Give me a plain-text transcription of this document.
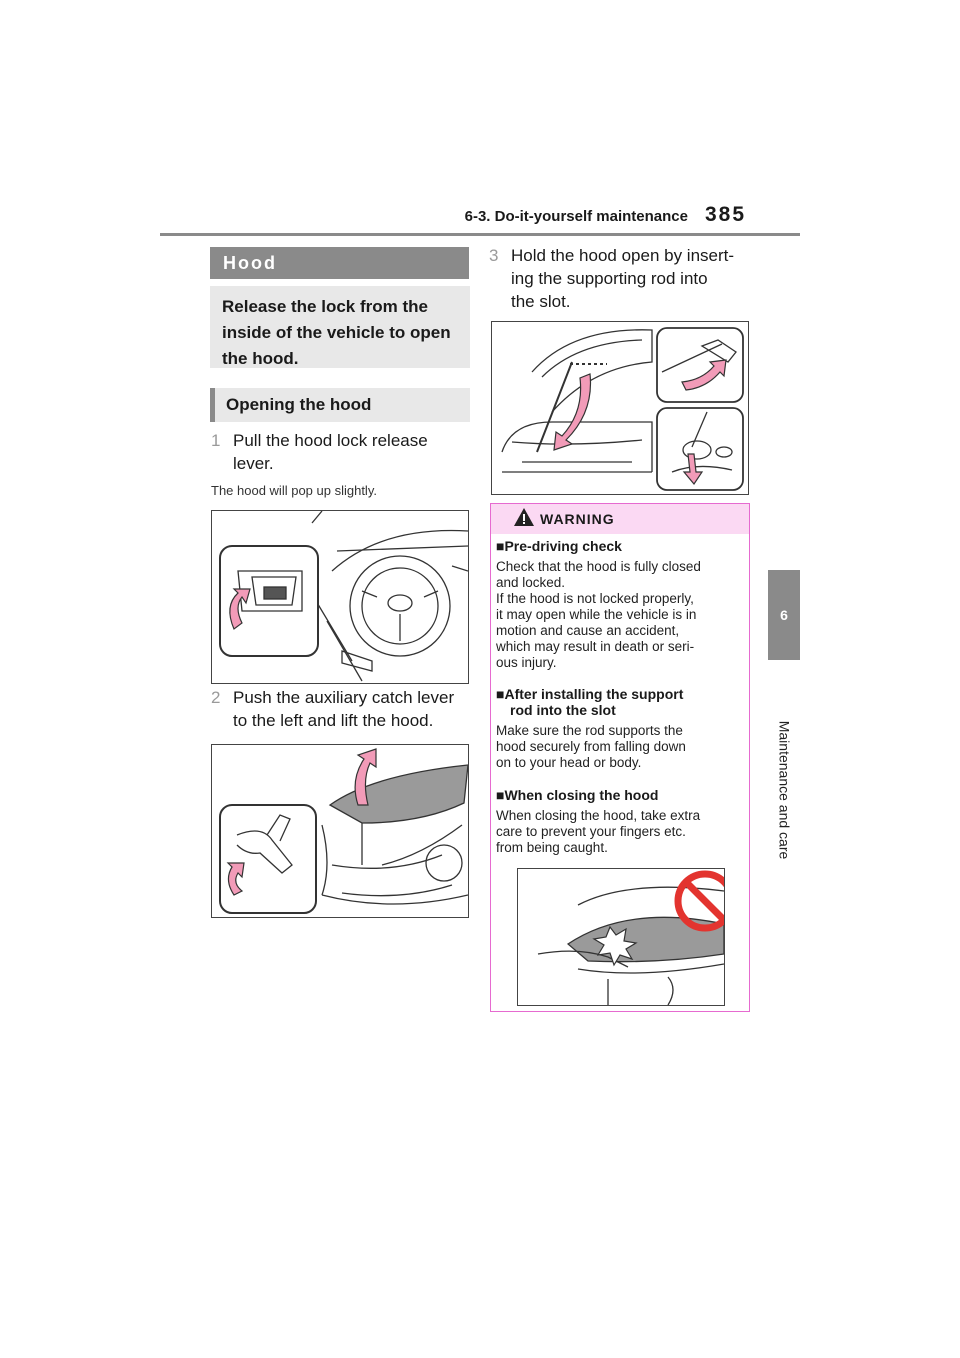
6-3. Do-it-yourself maintenance 385
6
Maintenance and care
Hood
Release the lock from the inside of the vehicle to open the hood.
Opening the hood
1 Pull the hood lock release
lever.
The hood will pop up slightly.
2 Push the auxiliary catch lever
to the left and lift the hood.
3 Hold the hood open by insert-
ing the supporting rod into
the slot.
WARNING
■Pre-driving check
Check that the hood is fully closed
and locked.
If the hood is not locked properly,
it may open while the vehicle is in
motion and cause an accident,
which may result in death or seri-
ous injury.
■After installing the support
rod into the slot
Make sure the rod supports the
hood securely from falling down
on to your head or body.
■When closing the hood
When closing the hood, take extra
care to prevent your fingers etc.
from being caught.
